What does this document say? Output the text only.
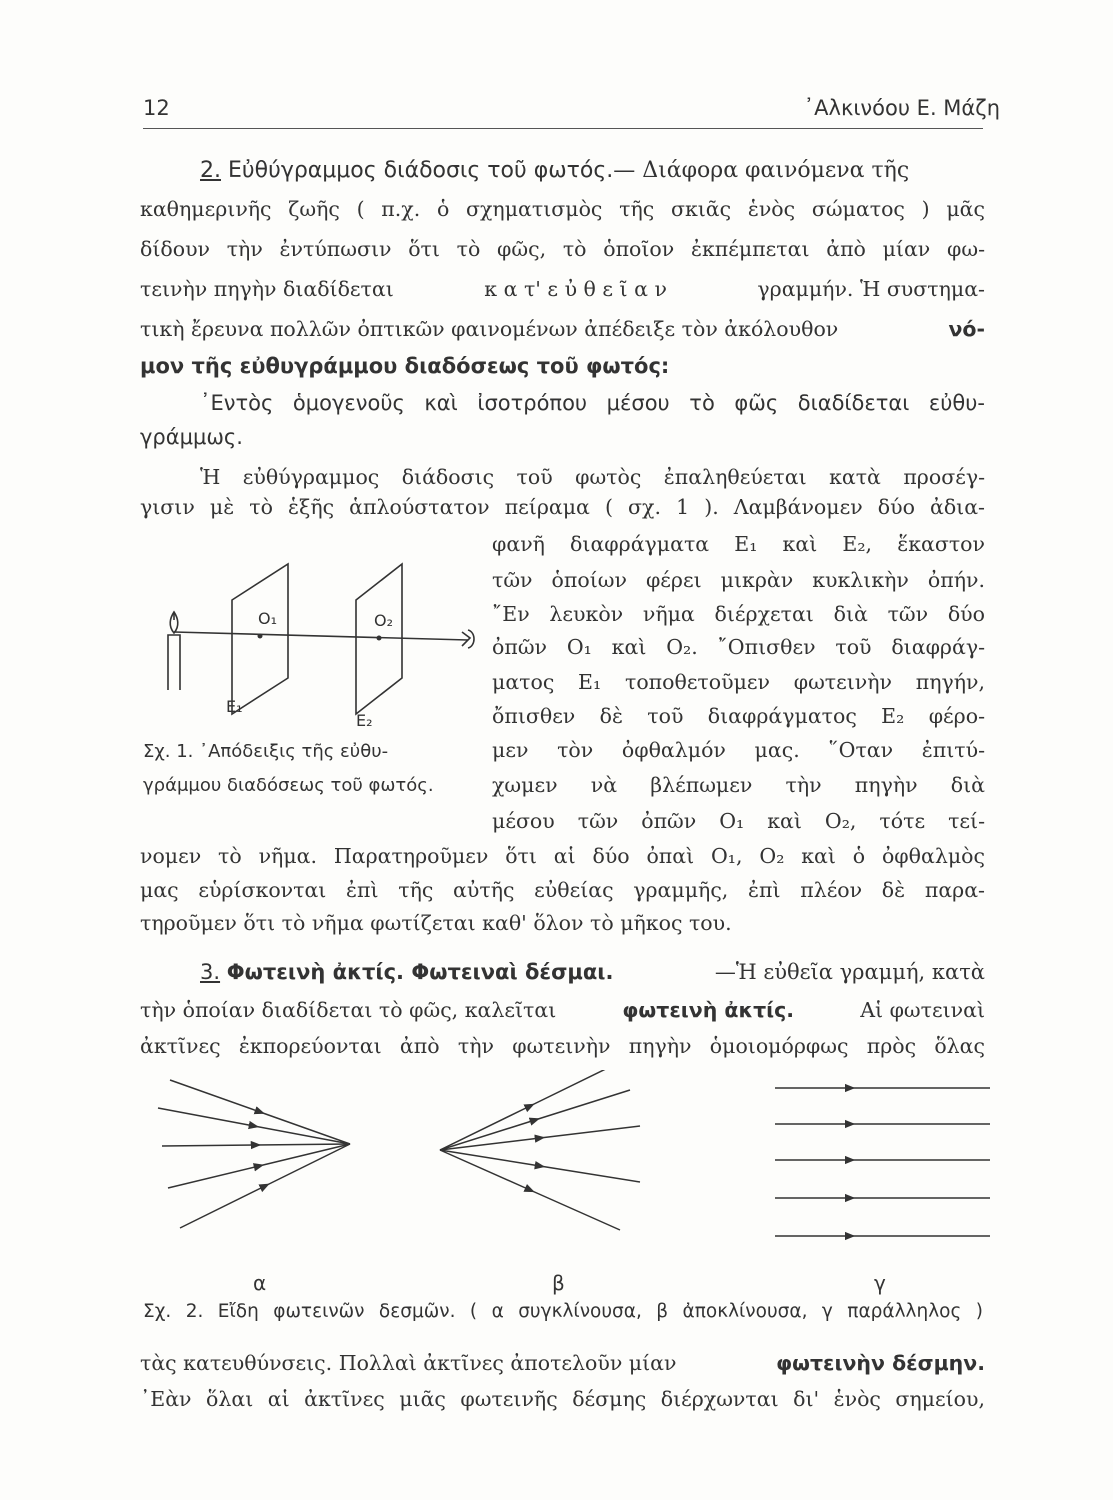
12	᾿Αλκινόου Ε. Μάζη
2. Εὐθύγραμμος διάδοσις τοῦ φωτός.— Διάφορα φαινόμενα τῆς
καθημερινῆς ζωῆς ( π.χ. ὁ σχηματισμὸς τῆς σκιᾶς ἑνὸς σώματος ) μᾶς
δίδουν τὴν ἐντύπωσιν ὅτι τὸ φῶς, τὸ ὁποῖον ἐκπέμπεται ἀπὸ μίαν φω-
τεινὴν πηγὴν διαδίδεται	κ α τ' ε ὐ θ ε ῖ α ν	γραμμήν. Ἡ συστημα-
τικὴ ἔρευνα πολλῶν ὀπτικῶν φαινομένων ἀπέδειξε τὸν ἀκόλουθον	νό-
μον τῆς εὐθυγράμμου διαδόσεως τοῦ φωτός:
᾿Εντὸς ὁμογενοῦς καὶ ἰσοτρόπου μέσου τὸ φῶς διαδίδεται εὐθυ-
γράμμως.
Ἡ εὐθύγραμμος διάδοσις τοῦ φωτὸς ἐπαληθεύεται κατὰ προσέγ-
γισιν μὲ τὸ ἑξῆς ἁπλούστατον πείραμα ( σχ. 1 ). Λαμβάνομεν δύο ἀδια-
φανῆ διαφράγματα Ε₁ καὶ Ε₂, ἕκαστον
τῶν ὁποίων φέρει μικρὰν κυκλικὴν ὀπήν.
῎Εν λευκὸν νῆμα διέρχεται διὰ τῶν δύο
ὀπῶν Ο₁ καὶ Ο₂. ῎Οπισθεν τοῦ διαφράγ-
ματος Ε₁ τοποθετοῦμεν φωτεινὴν πηγήν,
ὄπισθεν δὲ τοῦ διαφράγματος Ε₂ φέρο-
μεν τὸν ὀφθαλμόν μας. ῞Οταν ἐπιτύ-
χωμεν νὰ βλέπωμεν τὴν πηγὴν διὰ
μέσου τῶν ὀπῶν Ο₁ καὶ Ο₂, τότε τεί-
O₁	O₂
E₁
E₂
Σχ. 1. ᾿Απόδειξις τῆς εὐθυ-
γράμμου διαδόσεως τοῦ φωτός.
νομεν τὸ νῆμα. Παρατηροῦμεν ὅτι αἱ δύο ὀπαὶ Ο₁, Ο₂ καὶ ὁ ὀφθαλμὸς
μας εὑρίσκονται ἐπὶ τῆς αὐτῆς εὐθείας γραμμῆς, ἐπὶ πλέον δὲ παρα-
τηροῦμεν ὅτι τὸ νῆμα φωτίζεται καθ' ὅλον τὸ μῆκος του.
3. Φωτεινὴ ἀκτίς. Φωτειναὶ δέσμαι.	—Ἡ εὐθεῖα γραμμή, κατὰ
τὴν ὁποίαν διαδίδεται τὸ φῶς, καλεῖται	φωτεινὴ ἀκτίς.	Αἱ φωτειναὶ
ἀκτῖνες ἐκπορεύονται ἀπὸ τὴν φωτεινὴν πηγὴν ὁμοιομόρφως πρὸς ὅλας
α	β	γ
Σχ. 2. Εἴδη φωτεινῶν δεσμῶν. ( α συγκλίνουσα, β ἀποκλίνουσα, γ παράλληλος )
τὰς κατευθύνσεις. Πολλαὶ ἀκτῖνες ἀποτελοῦν μίαν	φωτεινὴν δέσμην.
᾿Εὰν ὅλαι αἱ ἀκτῖνες μιᾶς φωτεινῆς δέσμης διέρχωνται δι' ἑνὸς σημείου,
